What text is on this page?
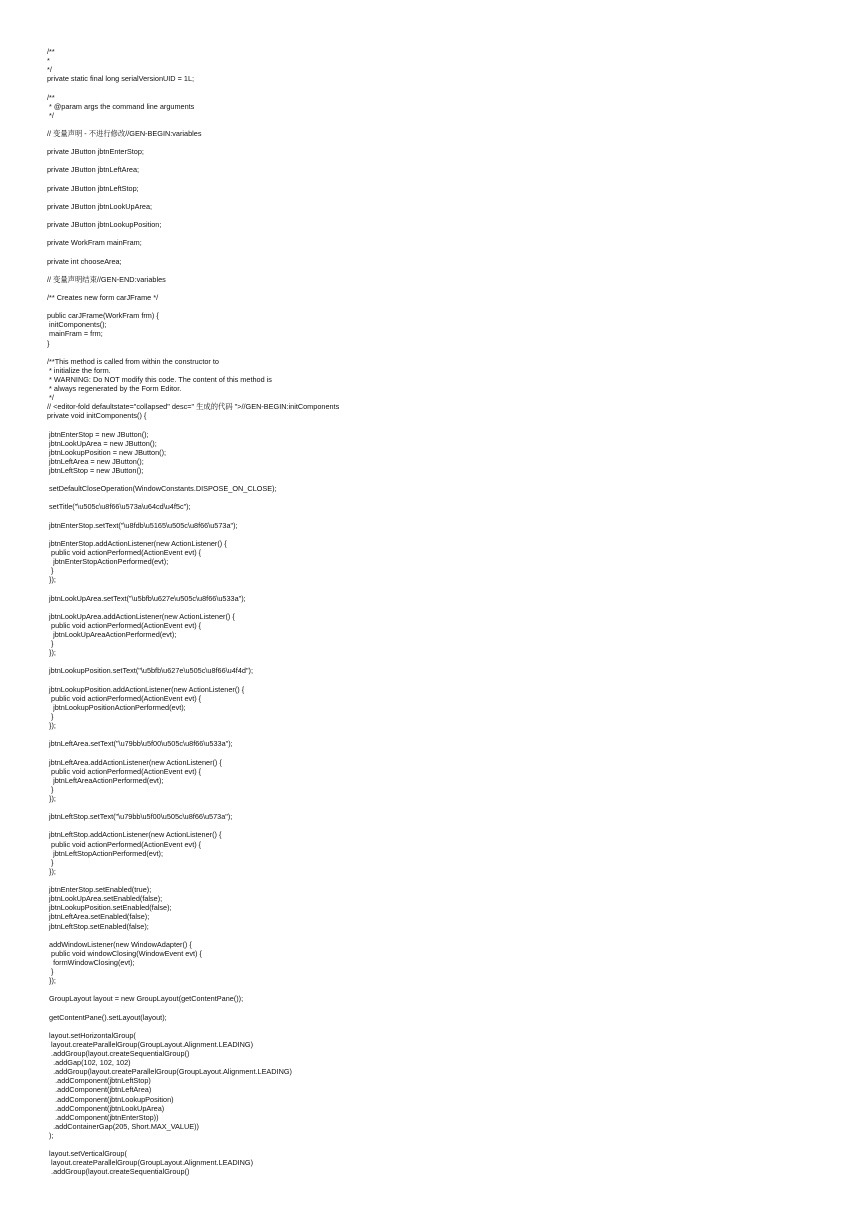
/**
*
*/
private static final long serialVersionUID = 1L;
/**
* @param args the command line arguments
*/
// 变量声明 - 不进行修改//GEN-BEGIN:variables
private JButton jbtnEnterStop;
private JButton jbtnLeftArea;
private JButton jbtnLeftStop;
private JButton jbtnLookUpArea;
private JButton jbtnLookupPosition;
private WorkFram mainFram;
private int chooseArea;
// 变量声明结束//GEN-END:variables
/** Creates new form carJFrame */
public carJFrame(WorkFram frm) {
initComponents();
mainFram = frm;
}
/**This method is called from within the constructor to
* initialize the form.
* WARNING: Do NOT modify this code. The content of this method is
* always regenerated by the Form Editor.
*/
// <editor-fold defaultstate="collapsed" desc=" 生成的代码 ">//GEN-BEGIN:initComponents
private void initComponents() {
jbtnEnterStop = new JButton();
jbtnLookUpArea = new JButton();
jbtnLookupPosition = new JButton();
jbtnLeftArea = new JButton();
jbtnLeftStop = new JButton();
setDefaultCloseOperation(WindowConstants.DISPOSE_ON_CLOSE);
setTitle("\u505c\u8f66\u573a\u64cd\u4f5c");
jbtnEnterStop.setText("\u8fdb\u5165\u505c\u8f66\u573a");
jbtnEnterStop.addActionListener(new ActionListener() {
public void actionPerformed(ActionEvent evt) {
jbtnEnterStopActionPerformed(evt);
}
});
jbtnLookUpArea.setText("\u5bfb\u627e\u505c\u8f66\u533a");
jbtnLookUpArea.addActionListener(new ActionListener() {
public void actionPerformed(ActionEvent evt) {
jbtnLookUpAreaActionPerformed(evt);
}
});
jbtnLookupPosition.setText("\u5bfb\u627e\u505c\u8f66\u4f4d");
jbtnLookupPosition.addActionListener(new ActionListener() {
public void actionPerformed(ActionEvent evt) {
jbtnLookupPositionActionPerformed(evt);
}
});
jbtnLeftArea.setText("\u79bb\u5f00\u505c\u8f66\u533a");
jbtnLeftArea.addActionListener(new ActionListener() {
public void actionPerformed(ActionEvent evt) {
jbtnLeftAreaActionPerformed(evt);
}
});
jbtnLeftStop.setText("\u79bb\u5f00\u505c\u8f66\u573a");
jbtnLeftStop.addActionListener(new ActionListener() {
public void actionPerformed(ActionEvent evt) {
jbtnLeftStopActionPerformed(evt);
}
});
jbtnEnterStop.setEnabled(true);
jbtnLookUpArea.setEnabled(false);
jbtnLookupPosition.setEnabled(false);
jbtnLeftArea.setEnabled(false);
jbtnLeftStop.setEnabled(false);
addWindowListener(new WindowAdapter() {
public void windowClosing(WindowEvent evt) {
formWindowClosing(evt);
}
});
GroupLayout layout = new GroupLayout(getContentPane());
getContentPane().setLayout(layout);
layout.setHorizontalGroup(
layout.createParallelGroup(GroupLayout.Alignment.LEADING)
.addGroup(layout.createSequentialGroup()
.addGap(102, 102, 102)
.addGroup(layout.createParallelGroup(GroupLayout.Alignment.LEADING)
.addComponent(jbtnLeftStop)
.addComponent(jbtnLeftArea)
.addComponent(jbtnLookupPosition)
.addComponent(jbtnLookUpArea)
.addComponent(jbtnEnterStop))
.addContainerGap(205, Short.MAX_VALUE))
);
layout.setVerticalGroup(
layout.createParallelGroup(GroupLayout.Alignment.LEADING)
.addGroup(layout.createSequentialGroup()
